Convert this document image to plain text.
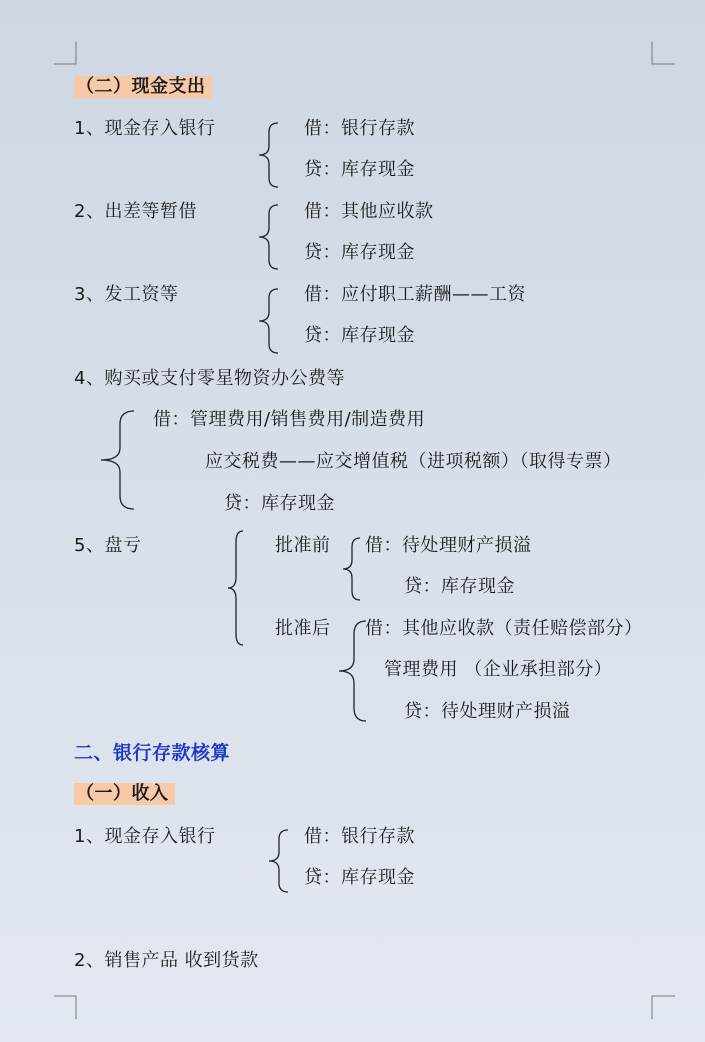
（二）现金支出
1、现金存入银行	借：银行存款
贷：库存现金
2、出差等暂借	借：其他应收款
贷：库存现金
3、发工资等	借：应付职工薪酬——工资
贷：库存现金
4、购买或支付零星物资办公费等
借：管理费用/销售费用/制造费用
应交税费——应交增值税（进项税额）（取得专票）
贷：库存现金
5、盘亏	批准前 借：待处理财产损溢
贷：库存现金
批准后 借：其他应收款（责任赔偿部分）
管理费用 （企业承担部分）
贷：待处理财产损溢
二、银行存款核算
（一）收入
1、现金存入银行	借：银行存款
贷：库存现金
2、销售产品 收到货款
